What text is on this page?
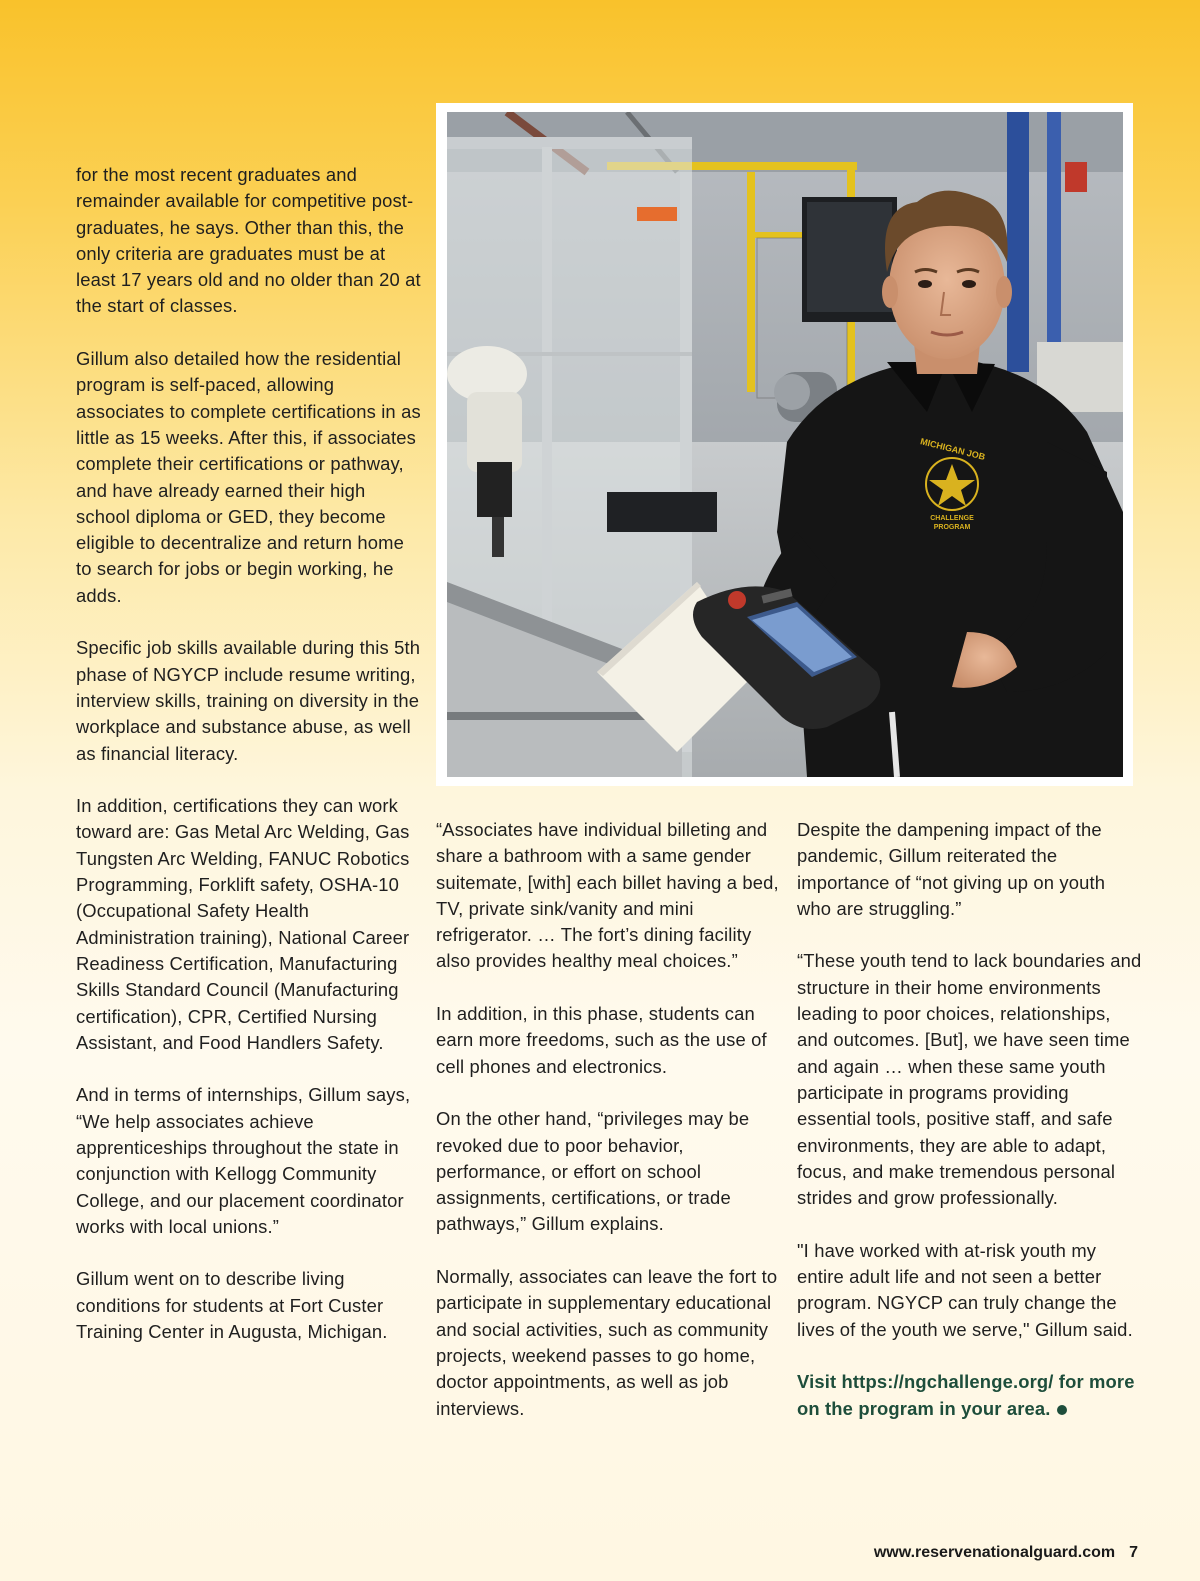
for the most recent graduates and remainder available for competitive post-graduates, he says. Other than this, the only criteria are graduates must be at least 17 years old and no older than 20 at the start of classes.

Gillum also detailed how the residential program is self-paced, allowing associates to complete certifications in as little as 15 weeks. After this, if associates complete their certifications or pathway, and have already earned their high school diploma or GED, they become eligible to decentralize and return home to search for jobs or begin working, he adds.

Specific job skills available during this 5th phase of NGYCP include resume writing, interview skills, training on diversity in the workplace and substance abuse, as well as financial literacy.

In addition, certifications they can work toward are: Gas Metal Arc Welding, Gas Tungsten Arc Welding, FANUC Robotics Programming, Forklift safety, OSHA-10 (Occupational Safety Health Administration training), National Career Readiness Certification, Manufacturing Skills Standard Council (Manufacturing certification), CPR, Certified Nursing Assistant, and Food Handlers Safety.

And in terms of internships, Gillum says, “We help associates achieve apprenticeships throughout the state in conjunction with Kellogg Community College, and our placement coordinator works with local unions.”

Gillum went on to describe living conditions for students at Fort Custer Training Center in Augusta, Michigan.

MICHIGAN JOB
CHALLENGE
PROGRAM

“Associates have individual billeting and share a bathroom with a same gender suitemate, [with] each billet having a bed, TV, private sink/vanity and mini refrigerator. … The fort’s dining facility also provides healthy meal choices.”

In addition, in this phase, students can earn more freedoms, such as the use of cell phones and electronics.

On the other hand, “privileges may be revoked due to poor behavior, performance, or effort on school assignments, certifications, or trade pathways,” Gillum explains.

Normally, associates can leave the fort to participate in supplementary educational and social activities, such as community projects, weekend passes to go home, doctor appointments, as well as job interviews.

Despite the dampening impact of the pandemic, Gillum reiterated the importance of “not giving up on youth who are struggling.”

“These youth tend to lack boundaries and structure in their home environments leading to poor choices, relationships, and outcomes. [But], we have seen time and again … when these same youth participate in programs providing essential tools, positive staff, and safe environments, they are able to adapt, focus, and make tremendous personal strides and grow professionally.

"I have worked with at-risk youth my entire adult life and not seen a better program. NGYCP can truly change the lives of the youth we serve," Gillum said.

Visit https://ngchallenge.org/ for more on the program in your area.

www.reservenationalguard.com 7
